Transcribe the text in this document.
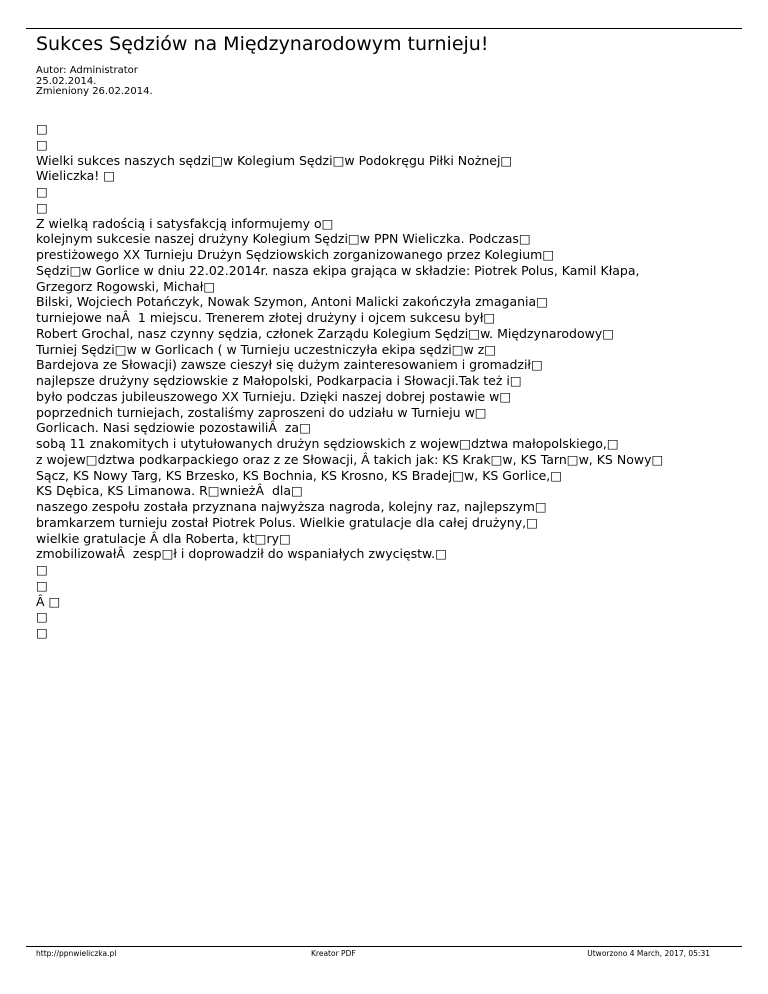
Sukces Sędziów na Międzynarodowym turnieju!
Autor: Administrator
25.02.2014.
Zmieniony 26.02.2014.
□
□
Wielki sukces naszych sędzi□w Kolegium Sędzi□w Podokręgu Piłki Nożnej□
Wieliczka! □
□
□
Z wielką radością i satysfakcją informujemy o□
kolejnym sukcesie naszej drużyny Kolegium Sędzi□w PPN Wieliczka. Podczas□
prestiżowego XX Turnieju Drużyn Sędziowskich zorganizowanego przez Kolegium□
Sędzi□w Gorlice w dniu 22.02.2014r. nasza ekipa grająca w składzie: Piotrek Polus, Kamil Kłapa,
Grzegorz Rogowski, Michał□
Bilski, Wojciech Potańczyk, Nowak Szymon, Antoni Malicki zakończyła zmagania□
turniejowe naÂ  1 miejscu. Trenerem złotej drużyny i ojcem sukcesu był□
Robert Grochal, nasz czynny sędzia, członek Zarządu Kolegium Sędzi□w. Międzynarodowy□
Turniej Sędzi□w w Gorlicach ( w Turnieju uczestniczyła ekipa sędzi□w z□
Bardejova ze Słowacji) zawsze cieszył się dużym zainteresowaniem i gromadził□
najlepsze drużyny sędziowskie z Małopolski, Podkarpacia i Słowacji.Tak też i□
było podczas jubileuszowego XX Turnieju. Dzięki naszej dobrej postawie w□
poprzednich turniejach, zostaliśmy zaproszeni do udziału w Turnieju w□
Gorlicach. Nasi sędziowie pozostawiliÂ  za□
sobą 11 znakomitych i utytułowanych drużyn sędziowskich z wojew□dztwa małopolskiego,□
z wojew□dztwa podkarpackiego oraz z ze Słowacji, Â takich jak: KS Krak□w, KS Tarn□w, KS Nowy□
Sącz, KS Nowy Targ, KS Brzesko, KS Bochnia, KS Krosno, KS Bradej□w, KS Gorlice,□
KS Dębica, KS Limanowa. R□wnieżÂ  dla□
naszego zespołu została przyznana najwyższa nagroda, kolejny raz, najlepszym□
bramkarzem turnieju został Piotrek Polus. Wielkie gratulacje dla całej drużyny,□
wielkie gratulacje Â dla Roberta, kt□ry□
zmobilizowałÂ  zesp□ł i doprowadził do wspaniałych zwycięstw.□
□
□
Â □
□
□
http://ppnwieliczka.pl	Kreator PDF	Utworzono 4 March, 2017, 05:31
